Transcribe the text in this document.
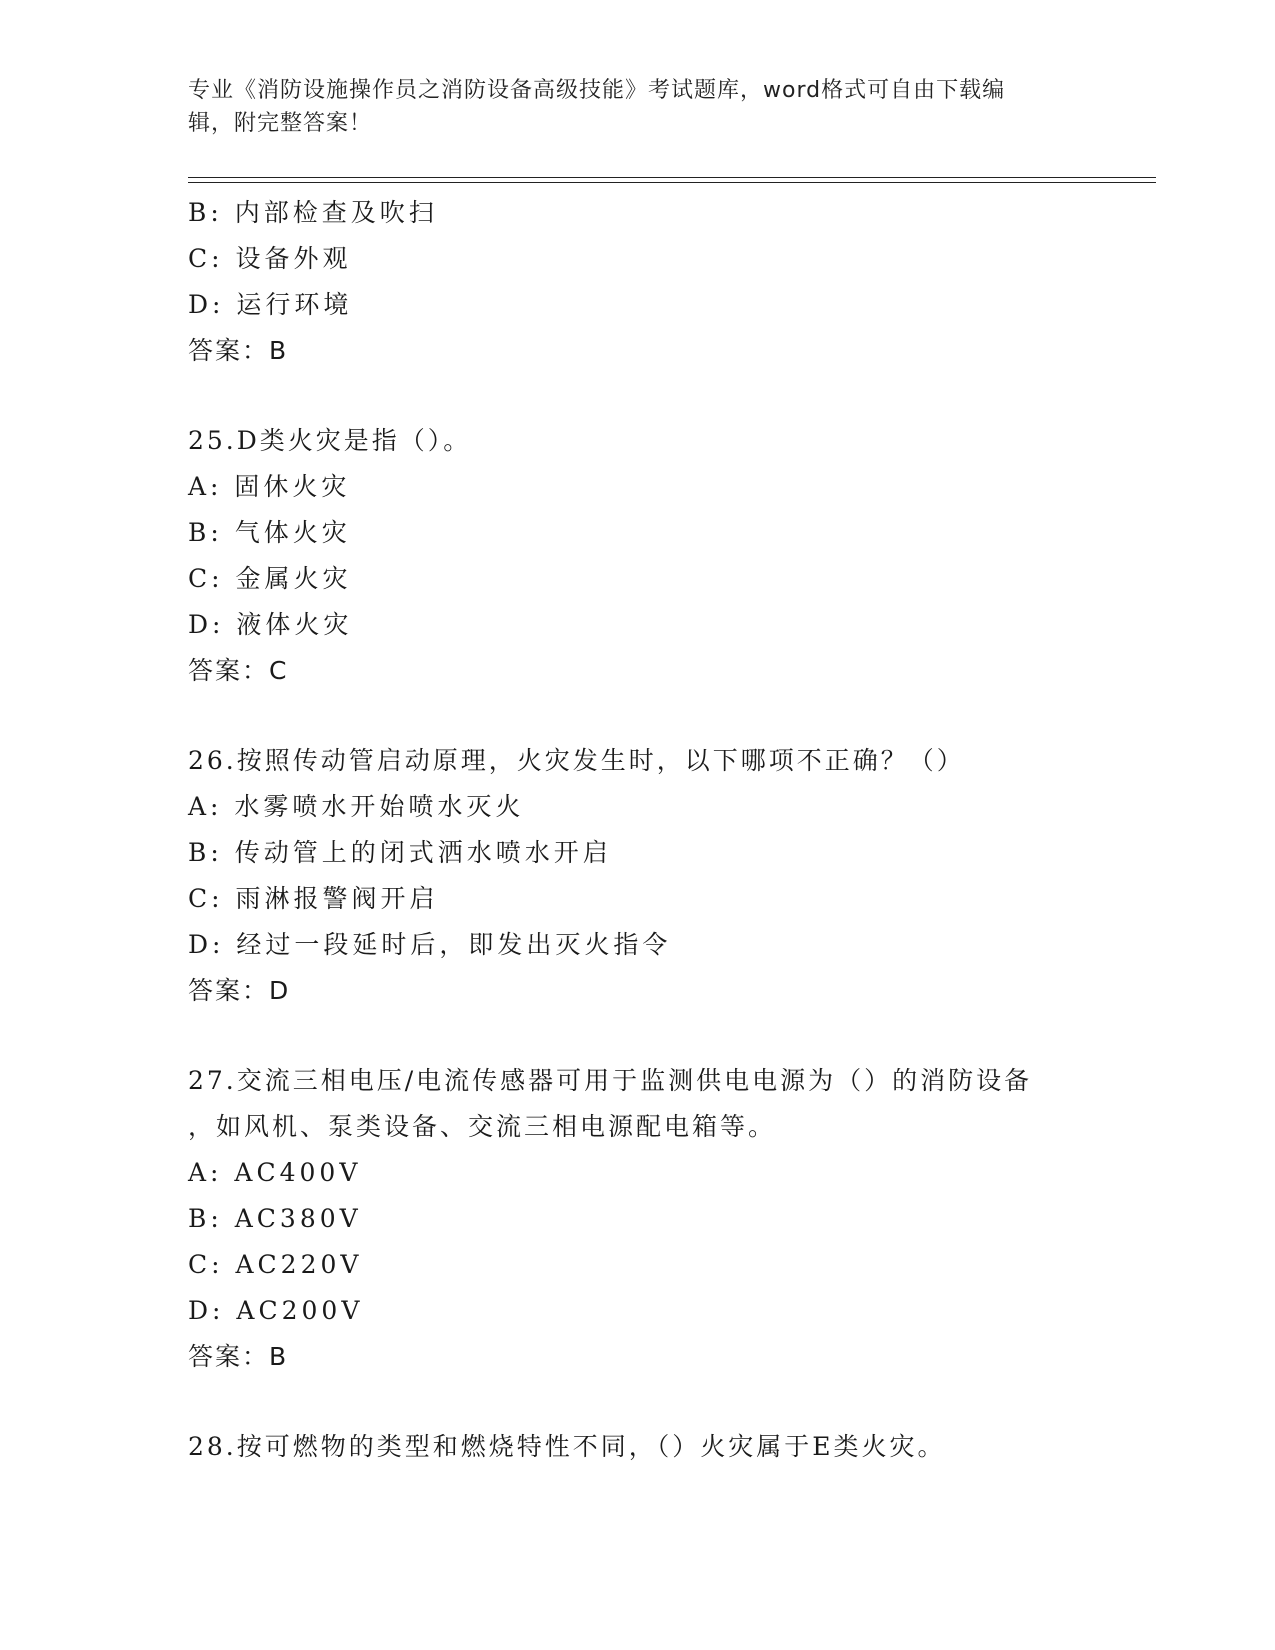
专业《消防设施操作员之消防设备高级技能》考试题库，word格式可自由下载编
辑，附完整答案！
B: 内部检查及吹扫
C: 设备外观
D: 运行环境
答案：B
25.D类火灾是指（）。
A: 固休火灾
B: 气体火灾
C: 金属火灾
D: 液体火灾
答案：C
26.按照传动管启动原理，火灾发生时，以下哪项不正确？（）
A: 水雾喷水开始喷水灭火
B: 传动管上的闭式洒水喷水开启
C: 雨淋报警阀开启
D: 经过一段延时后，即发出灭火指令
答案：D
27.交流三相电压/电流传感器可用于监测供电电源为（）的消防设备
，如风机、泵类设备、交流三相电源配电箱等。
A: AC400V
B: AC380V
C: AC220V
D: AC200V
答案：B
28.按可燃物的类型和燃烧特性不同，（）火灾属于E类火灾。
